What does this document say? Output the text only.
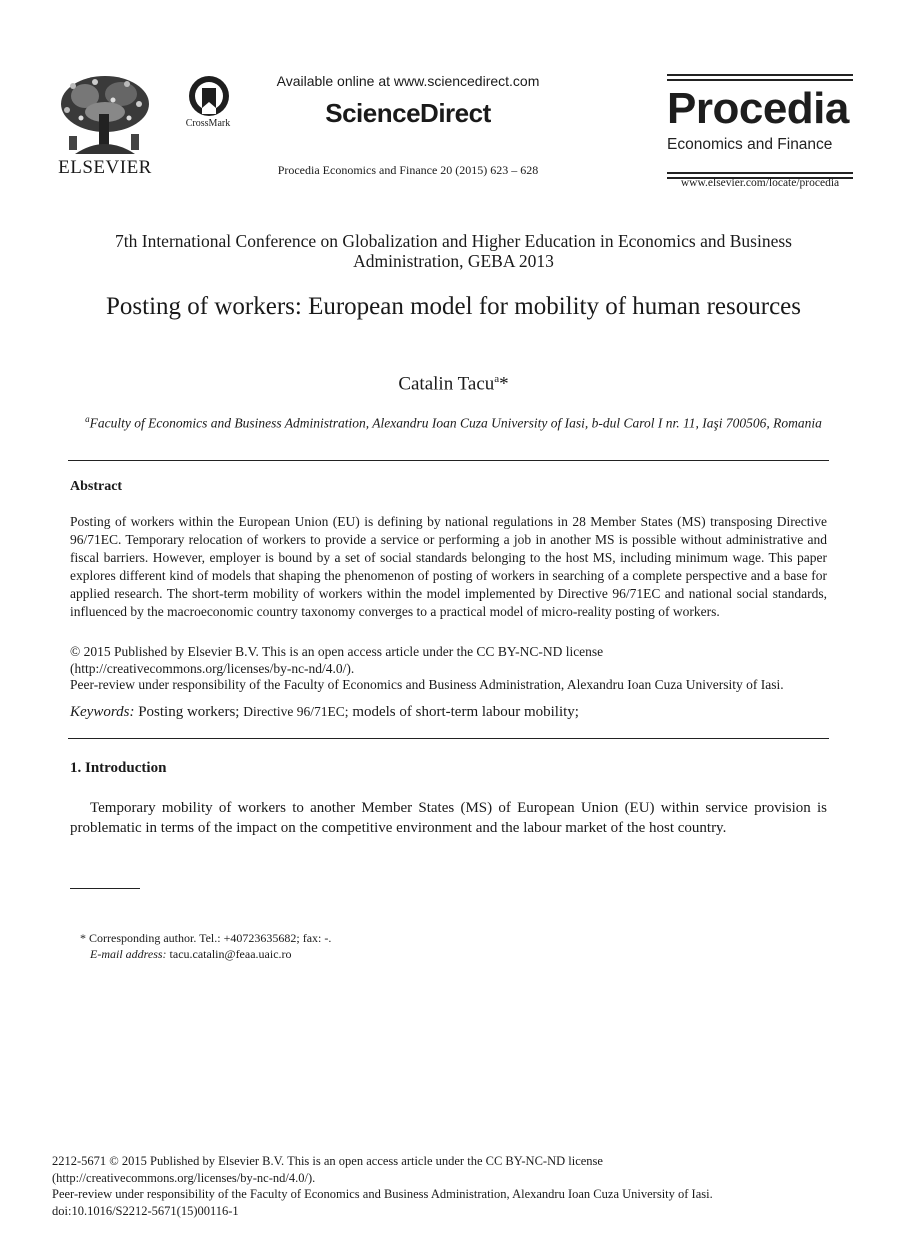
ELSEVIER
CrossMark
Available online at www.sciencedirect.com
ScienceDirect
Procedia Economics and Finance 20 (2015) 623 – 628
Procedia
Economics and Finance
www.elsevier.com/locate/procedia
7th International Conference on Globalization and Higher Education in Economics and Business Administration, GEBA 2013
Posting of workers: European model for mobility of human resources
Catalin Tacu$^a$*
$^a$Faculty of Economics and Business Administration, Alexandru Ioan Cuza University of Iasi, b-dul Carol I nr. 11, Iaşi 700506, Romania
Abstract
Posting of workers within the European Union (EU) is defining by national regulations in 28 Member States (MS) transposing Directive 96/71EC. Temporary relocation of workers to provide a service or performing a job in another MS is possible without administrative and fiscal barriers. However, employer is bound by a set of social standards belonging to the host MS, including minimum wage. This paper explores different kind of models that shaping the phenomenon of posting of workers in searching of a complete perspective and a base for applied research. The short-term mobility of workers within the model implemented by Directive 96/71EC and national social standards, influenced by the macroeconomic country taxonomy converges to a practical model of micro-reality posting of workers.
© 2015 Published by Elsevier B.V. This is an open access article under the CC BY-NC-ND license
(http://creativecommons.org/licenses/by-nc-nd/4.0/).
Peer-review under responsibility of the Faculty of Economics and Business Administration, Alexandru Ioan Cuza University of Iasi.
Keywords: Posting workers; Directive 96/71EC; models of short-term labour mobility;
1. Introduction
Temporary mobility of workers to another Member States (MS) of European Union (EU) within service provision is problematic in terms of the impact on the competitive environment and the labour market of the host country.
* Corresponding author. Tel.: +40723635682; fax: -.
E-mail address: tacu.catalin@feaa.uaic.ro
2212-5671 © 2015 Published by Elsevier B.V. This is an open access article under the CC BY-NC-ND license
(http://creativecommons.org/licenses/by-nc-nd/4.0/).
Peer-review under responsibility of the Faculty of Economics and Business Administration, Alexandru Ioan Cuza University of Iasi.
doi:10.1016/S2212-5671(15)00116-1
